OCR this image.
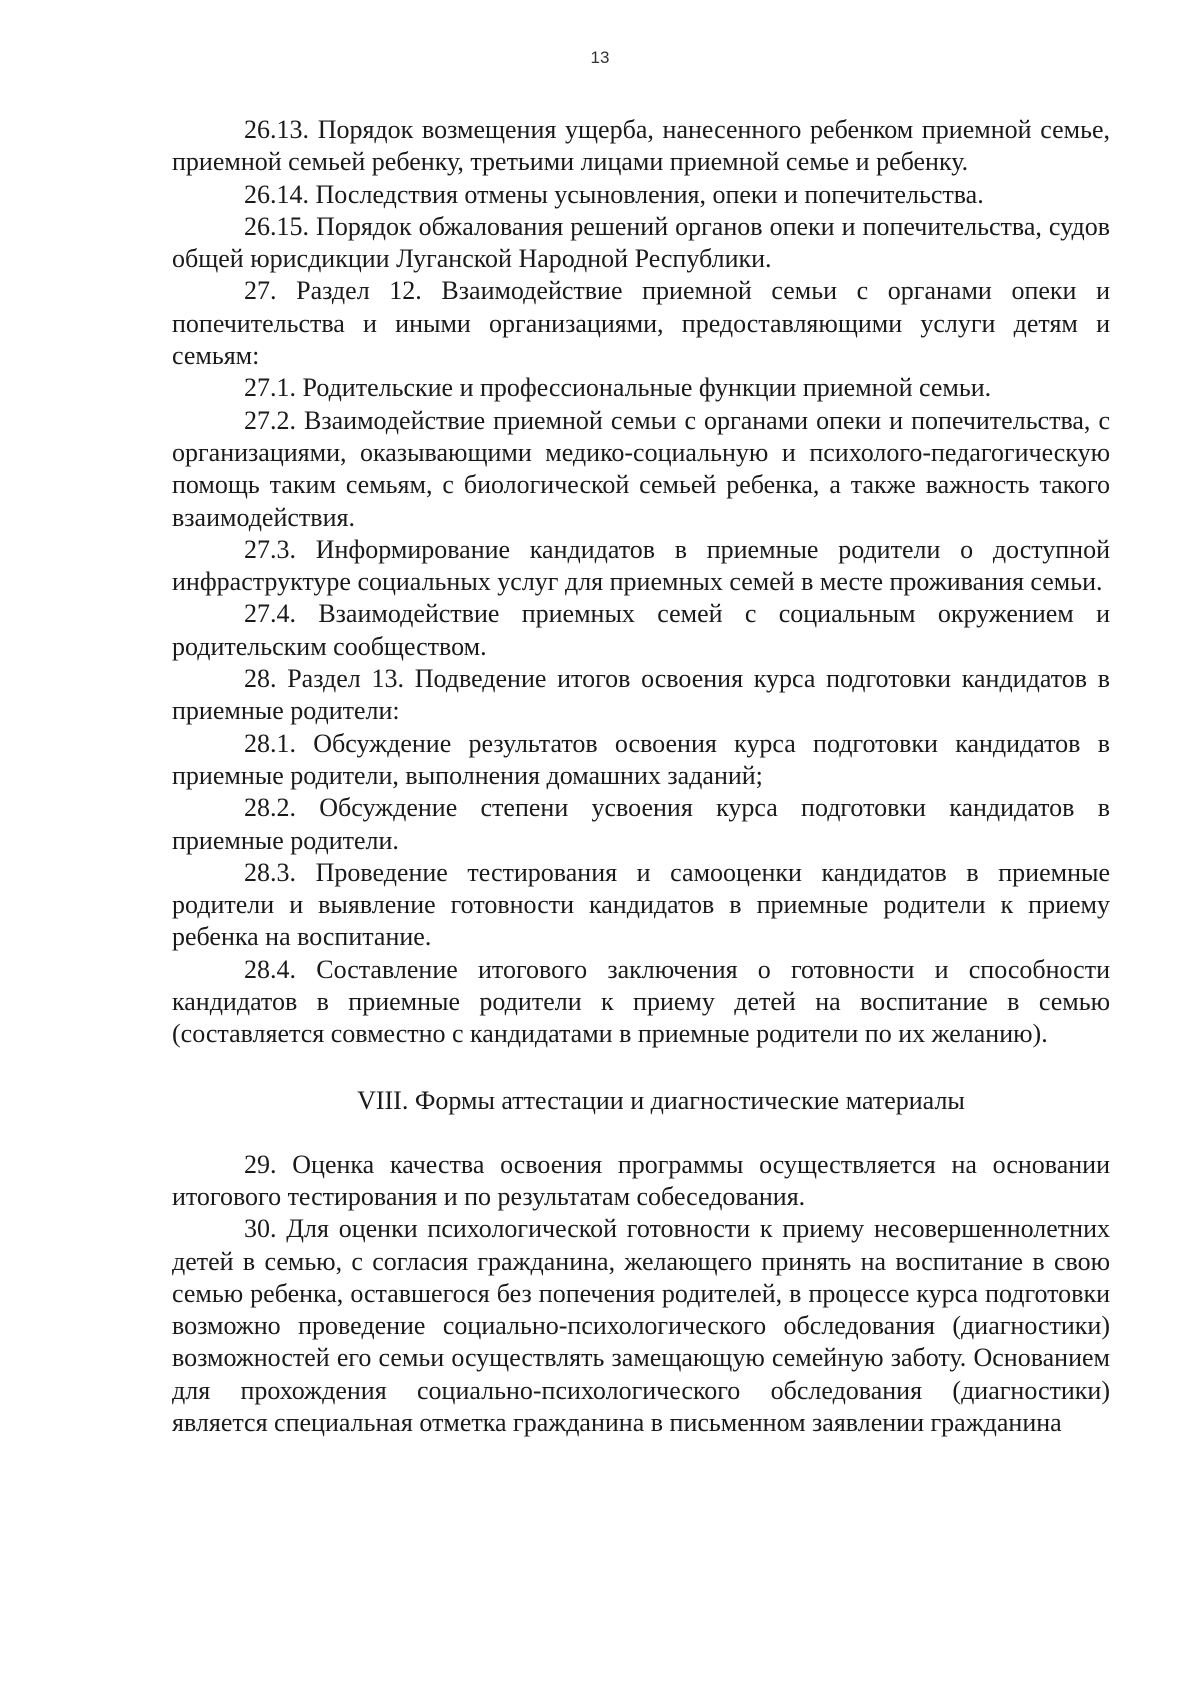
13

26.13. Порядок возмещения ущерба, нанесенного ребенком приемной семье, приемной семьей ребенку, третьими лицами приемной семье и ребенку.

26.14. Последствия отмены усыновления, опеки и попечительства.

26.15. Порядок обжалования решений органов опеки и попечительства, судов общей юрисдикции Луганской Народной Республики.

27. Раздел 12. Взаимодействие приемной семьи с органами опеки и попечительства и иными организациями, предоставляющими услуги детям и семьям:

27.1. Родительские и профессиональные функции приемной семьи.

27.2. Взаимодействие приемной семьи с органами опеки и попечительства, с организациями, оказывающими медико-социальную и психолого-педагогическую помощь таким семьям, с биологической семьей ребенка, а также важность такого взаимодействия.

27.3. Информирование кандидатов в приемные родители о доступной инфраструктуре социальных услуг для приемных семей в месте проживания семьи.

27.4. Взаимодействие приемных семей с социальным окружением и родительским сообществом.

28. Раздел 13. Подведение итогов освоения курса подготовки кандидатов в приемные родители:

28.1. Обсуждение результатов освоения курса подготовки кандидатов в приемные родители, выполнения домашних заданий;

28.2. Обсуждение степени усвоения курса подготовки кандидатов в приемные родители.

28.3. Проведение тестирования и самооценки кандидатов в приемные родители и выявление готовности кандидатов в приемные родители к приему ребенка на воспитание.

28.4. Составление итогового заключения о готовности и способности кандидатов в приемные родители к приему детей на воспитание в семью (составляется совместно с кандидатами в приемные родители по их желанию).

VIII. Формы аттестации и диагностические материалы

29. Оценка качества освоения программы осуществляется на основании итогового тестирования и по результатам собеседования.

30. Для оценки психологической готовности к приему несовершеннолетних детей в семью, с согласия гражданина, желающего принять на воспитание в свою семью ребенка, оставшегося без попечения родителей, в процессе курса подготовки возможно проведение социально-психологического обследования (диагностики) возможностей его семьи осуществлять замещающую семейную заботу. Основанием для прохождения социально-психологического обследования (диагностики) является специальная отметка гражданина в письменном заявлении гражданина
